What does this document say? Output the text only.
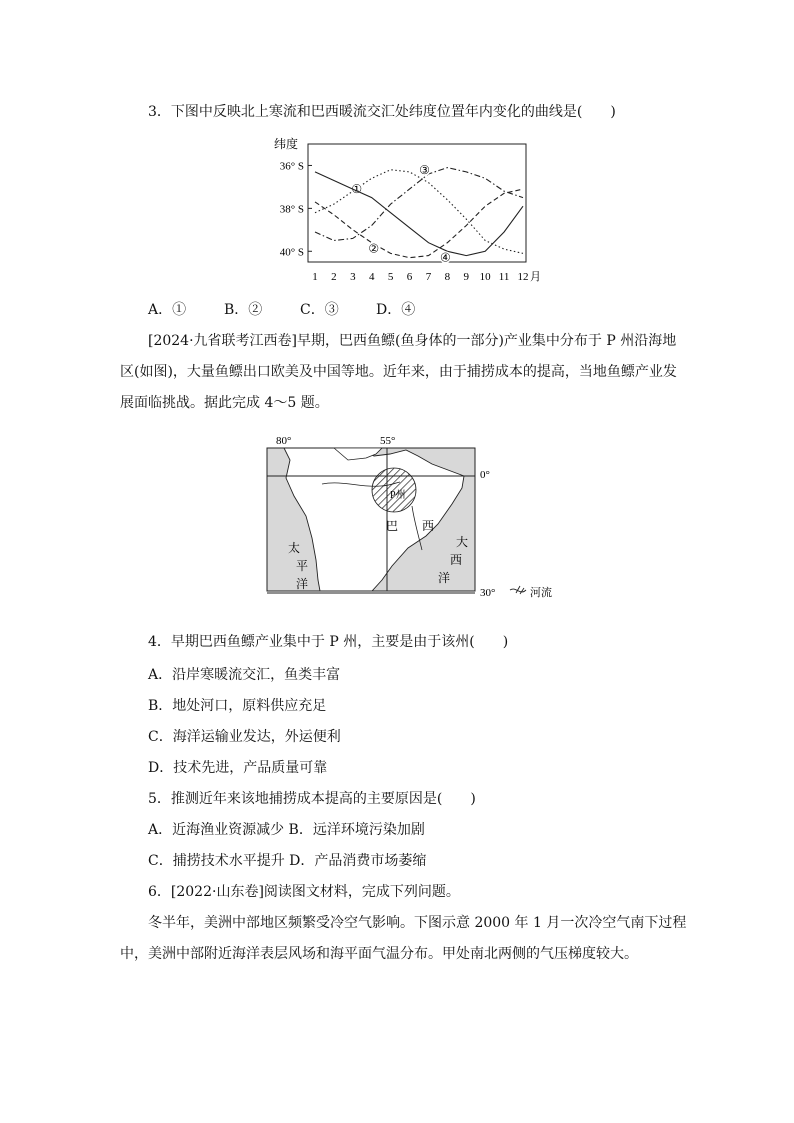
3．下图中反映北上寒流和巴西暖流交汇处纬度位置年内变化的曲线是(　　)
纬度
36° S
38° S
40° S
1 2 3 4 5 6 7 8 9 10 11 12 月
①
②
③
④
A．①	B．②	C．③	D．④
[2024·九省联考江西卷]早期，巴西鱼鳔(鱼身体的一部分)产业集中分布于 P 州沿海地
区(如图)，大量鱼鳔出口欧美及中国等地。近年来，由于捕捞成本的提高，当地鱼鳔产业发
展面临挑战。据此完成 4～5 题。
80°	55°
P州
0°
30°
巴 西
太
平
洋
大
西
洋
河流
4．早期巴西鱼鳔产业集中于 P 州，主要是由于该州(　　)
A．沿岸寒暖流交汇，鱼类丰富
B．地处河口，原料供应充足
C．海洋运输业发达，外运便利
D．技术先进，产品质量可靠
5．推测近年来该地捕捞成本提高的主要原因是(　　)
A．近海渔业资源减少 B．远洋环境污染加剧
C．捕捞技术水平提升 D．产品消费市场萎缩
6．[2022·山东卷]阅读图文材料，完成下列问题。
冬半年，美洲中部地区频繁受冷空气影响。下图示意 2000 年 1 月一次冷空气南下过程
中，美洲中部附近海洋表层风场和海平面气温分布。甲处南北两侧的气压梯度较大。
